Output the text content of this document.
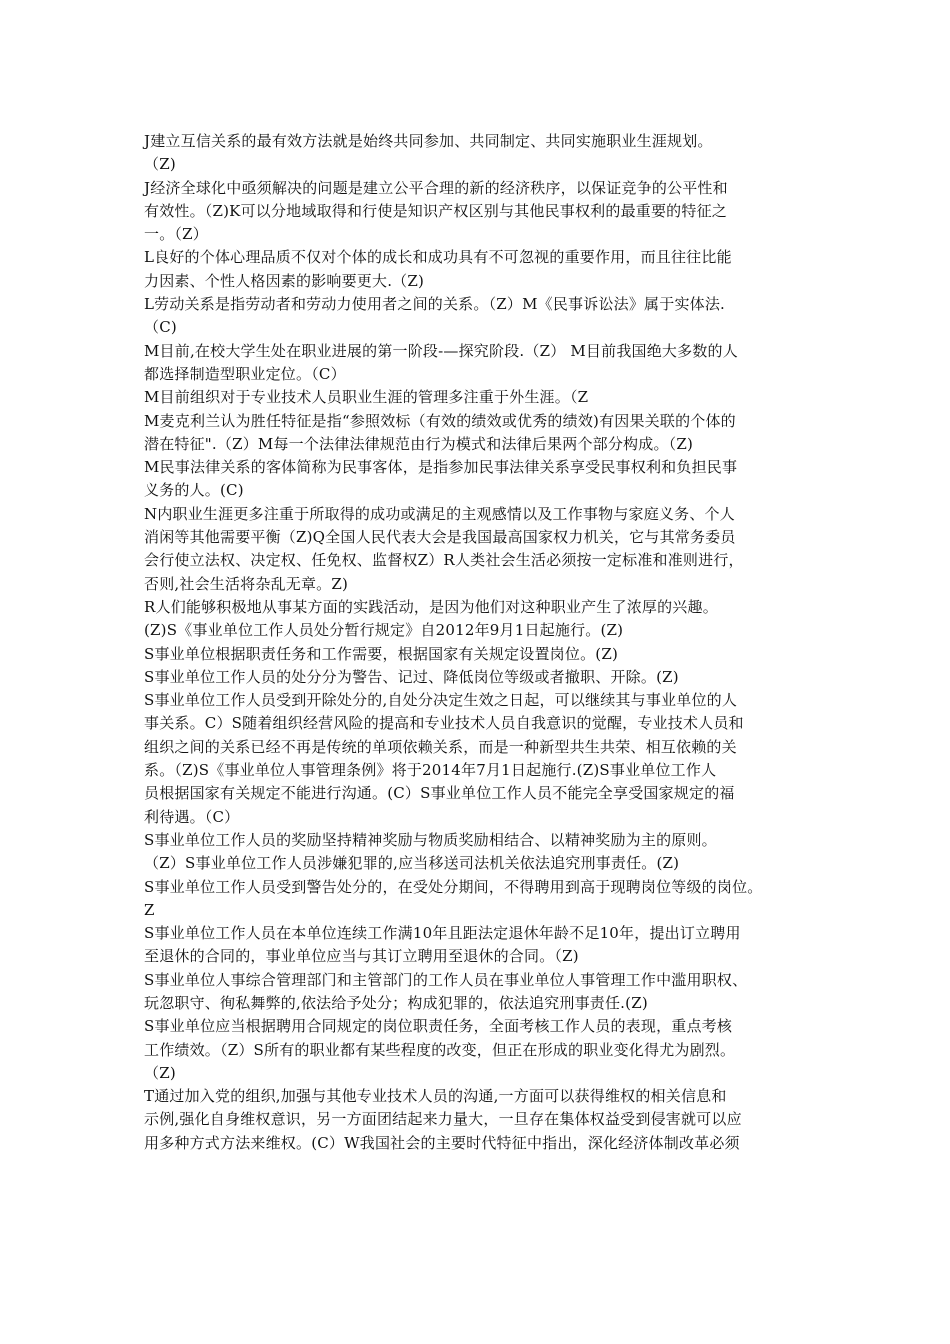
J建立互信关系的最有效方法就是始终共同参加、共同制定、共同实施职业生涯规划。
（Z)
J经济全球化中亟须解决的问题是建立公平合理的新的经济秩序，以保证竞争的公平性和
有效性。（Z)K可以分地域取得和行使是知识产权区别与其他民事权利的最重要的特征之
一。（Z）
L良好的个体心理品质不仅对个体的成长和成功具有不可忽视的重要作用，而且往往比能
力因素、个性人格因素的影响要更大.（Z)
L劳动关系是指劳动者和劳动力使用者之间的关系。（Z）M《民事诉讼法》属于实体法.
（C)
M目前,在校大学生处在职业进展的第一阶段-—探究阶段.（Z） M目前我国绝大多数的人
都选择制造型职业定位。（C）
M目前组织对于专业技术人员职业生涯的管理多注重于外生涯。（Z
M麦克利兰认为胜任特征是指“参照效标（有效的绩效或优秀的绩效)有因果关联的个体的
潜在特征".（Z）M每一个法律法律规范由行为模式和法律后果两个部分构成。（Z)
M民事法律关系的客体简称为民事客体，是指参加民事法律关系享受民事权利和负担民事
义务的人。(C)
N内职业生涯更多注重于所取得的成功或满足的主观感情以及工作事物与家庭义务、个人
消闲等其他需要平衡（Z)Q全国人民代表大会是我国最高国家权力机关，它与其常务委员
会行使立法权、决定权、任免权、监督权Z）R人类社会生活必须按一定标准和准则进行，
否则,社会生活将杂乱无章。Z)
R人们能够积极地从事某方面的实践活动，是因为他们对这种职业产生了浓厚的兴趣。
(Z)S《事业单位工作人员处分暂行规定》自2012年9月1日起施行。(Z)
S事业单位根据职责任务和工作需要，根据国家有关规定设置岗位。(Z)
S事业单位工作人员的处分分为警告、记过、降低岗位等级或者撤职、开除。(Z)
S事业单位工作人员受到开除处分的,自处分决定生效之日起，可以继续其与事业单位的人
事关系。C）S随着组织经营风险的提高和专业技术人员自我意识的觉醒，专业技术人员和
组织之间的关系已经不再是传统的单项依赖关系，而是一种新型共生共荣、相互依赖的关
系。（Z)S《事业单位人事管理条例》将于2014年7月1日起施行.(Z)S事业单位工作人
员根据国家有关规定不能进行沟通。(C）S事业单位工作人员不能完全享受国家规定的福
利待遇。（C）
S事业单位工作人员的奖励坚持精神奖励与物质奖励相结合、以精神奖励为主的原则。
（Z）S事业单位工作人员涉嫌犯罪的,应当移送司法机关依法追究刑事责任。(Z)
S事业单位工作人员受到警告处分的，在受处分期间，不得聘用到高于现聘岗位等级的岗位。
Z
S事业单位工作人员在本单位连续工作满10年且距法定退休年龄不足10年，提出订立聘用
至退休的合同的，事业单位应当与其订立聘用至退休的合同。（Z)
S事业单位人事综合管理部门和主管部门的工作人员在事业单位人事管理工作中滥用职权、
玩忽职守、徇私舞弊的,依法给予处分；构成犯罪的，依法追究刑事责任.(Z)
S事业单位应当根据聘用合同规定的岗位职责任务，全面考核工作人员的表现，重点考核
工作绩效。（Z）S所有的职业都有某些程度的改变，但正在形成的职业变化得尤为剧烈。
（Z)
T通过加入党的组织,加强与其他专业技术人员的沟通,一方面可以获得维权的相关信息和
示例,强化自身维权意识，另一方面团结起来力量大，一旦存在集体权益受到侵害就可以应
用多种方式方法来维权。(C）W我国社会的主要时代特征中指出，深化经济体制改革必须
